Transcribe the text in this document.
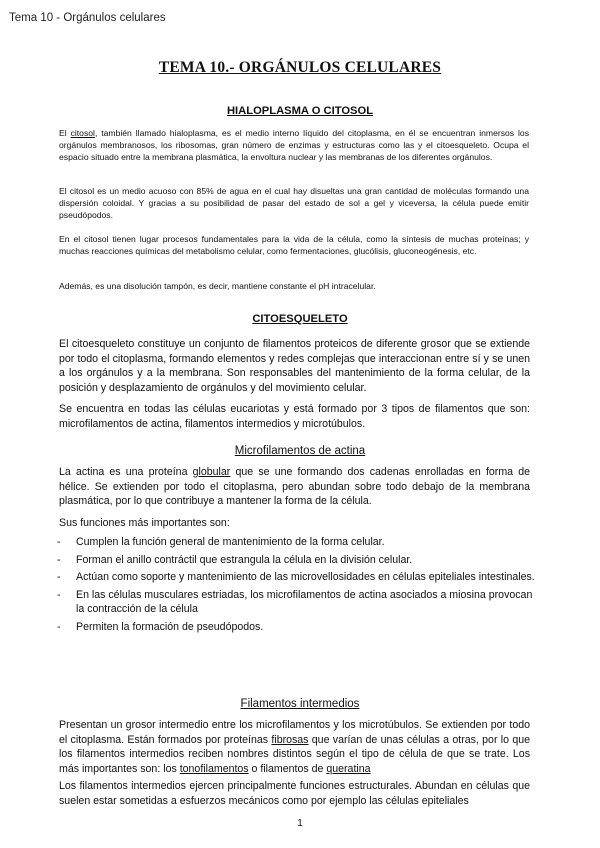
Tema 10 - Orgánulos celulares
TEMA 10.- ORGÁNULOS CELULARES
HIALOPLASMA O CITOSOL

El citosol, también llamado hialoplasma, es el medio interno líquido del citoplasma, en él se encuentran inmersos los orgánulos membranosos, los ribosomas, gran número de enzimas y estructuras como las y el citoesqueleto. Ocupa el espacio situado entre la membrana plasmática, la envoltura nuclear y las membranas de los diferentes orgánulos.

El citosol es un medio acuoso con 85% de agua en el cual hay disueltas una gran cantidad de moléculas formando una dispersión coloidal. Y gracias a su posibilidad de pasar del estado de sol a gel y viceversa, la célula puede emitir pseudópodos.

En el citosol tienen lugar procesos fundamentales para la vida de la célula, como la síntesis de muchas proteínas; y muchas reacciones químicas del metabolismo celular, como fermentaciones, glucólisis, gluconeogénesis, etc.

Además, es una disolución tampón, es decir, mantiene constante el pH intracelular.

CITOESQUELETO

El citoesqueleto constituye un conjunto de filamentos proteicos de diferente grosor que se extiende por todo el citoplasma, formando elementos y redes complejas que interaccionan entre sí y se unen a los orgánulos y a la membrana. Son responsables del mantenimiento de la forma celular, de la posición y desplazamiento de orgánulos y del movimiento celular.

Se encuentra en todas las células eucariotas y está formado por 3 tipos de filamentos que son: microfilamentos de actina, filamentos intermedios y microtúbulos.

Microfilamentos de actina

La actina es una proteína globular que se une formando dos cadenas enrolladas en forma de hélice. Se extienden por todo el citoplasma, pero abundan sobre todo debajo de la membrana plasmática, por lo que contribuye a mantener la forma de la célula.

Sus funciones más importantes son:

- Cumplen la función general de mantenimiento de la forma celular.
- Forman el anillo contráctil que estrangula la célula en la división celular.
- Actúan como soporte y mantenimiento de las microvellosidades en células epiteliales intestinales.
- En las células musculares estriadas, los microfilamentos de actina asociados a miosina provocan la contracción de la célula
- Permiten la formación de pseudópodos.
Filamentos intermedios

Presentan un grosor intermedio entre los microfilamentos y los microtúbulos. Se extienden por todo el citoplasma. Están formados por proteínas fibrosas que varían de unas células a otras, por lo que los filamentos intermedios reciben nombres distintos según el tipo de célula de que se trate. Los más importantes son: los tonofilamentos o filamentos de queratina

Los filamentos intermedios ejercen principalmente funciones estructurales. Abundan en células que suelen estar sometidas a esfuerzos mecánicos como por ejemplo las células epiteliales

1
